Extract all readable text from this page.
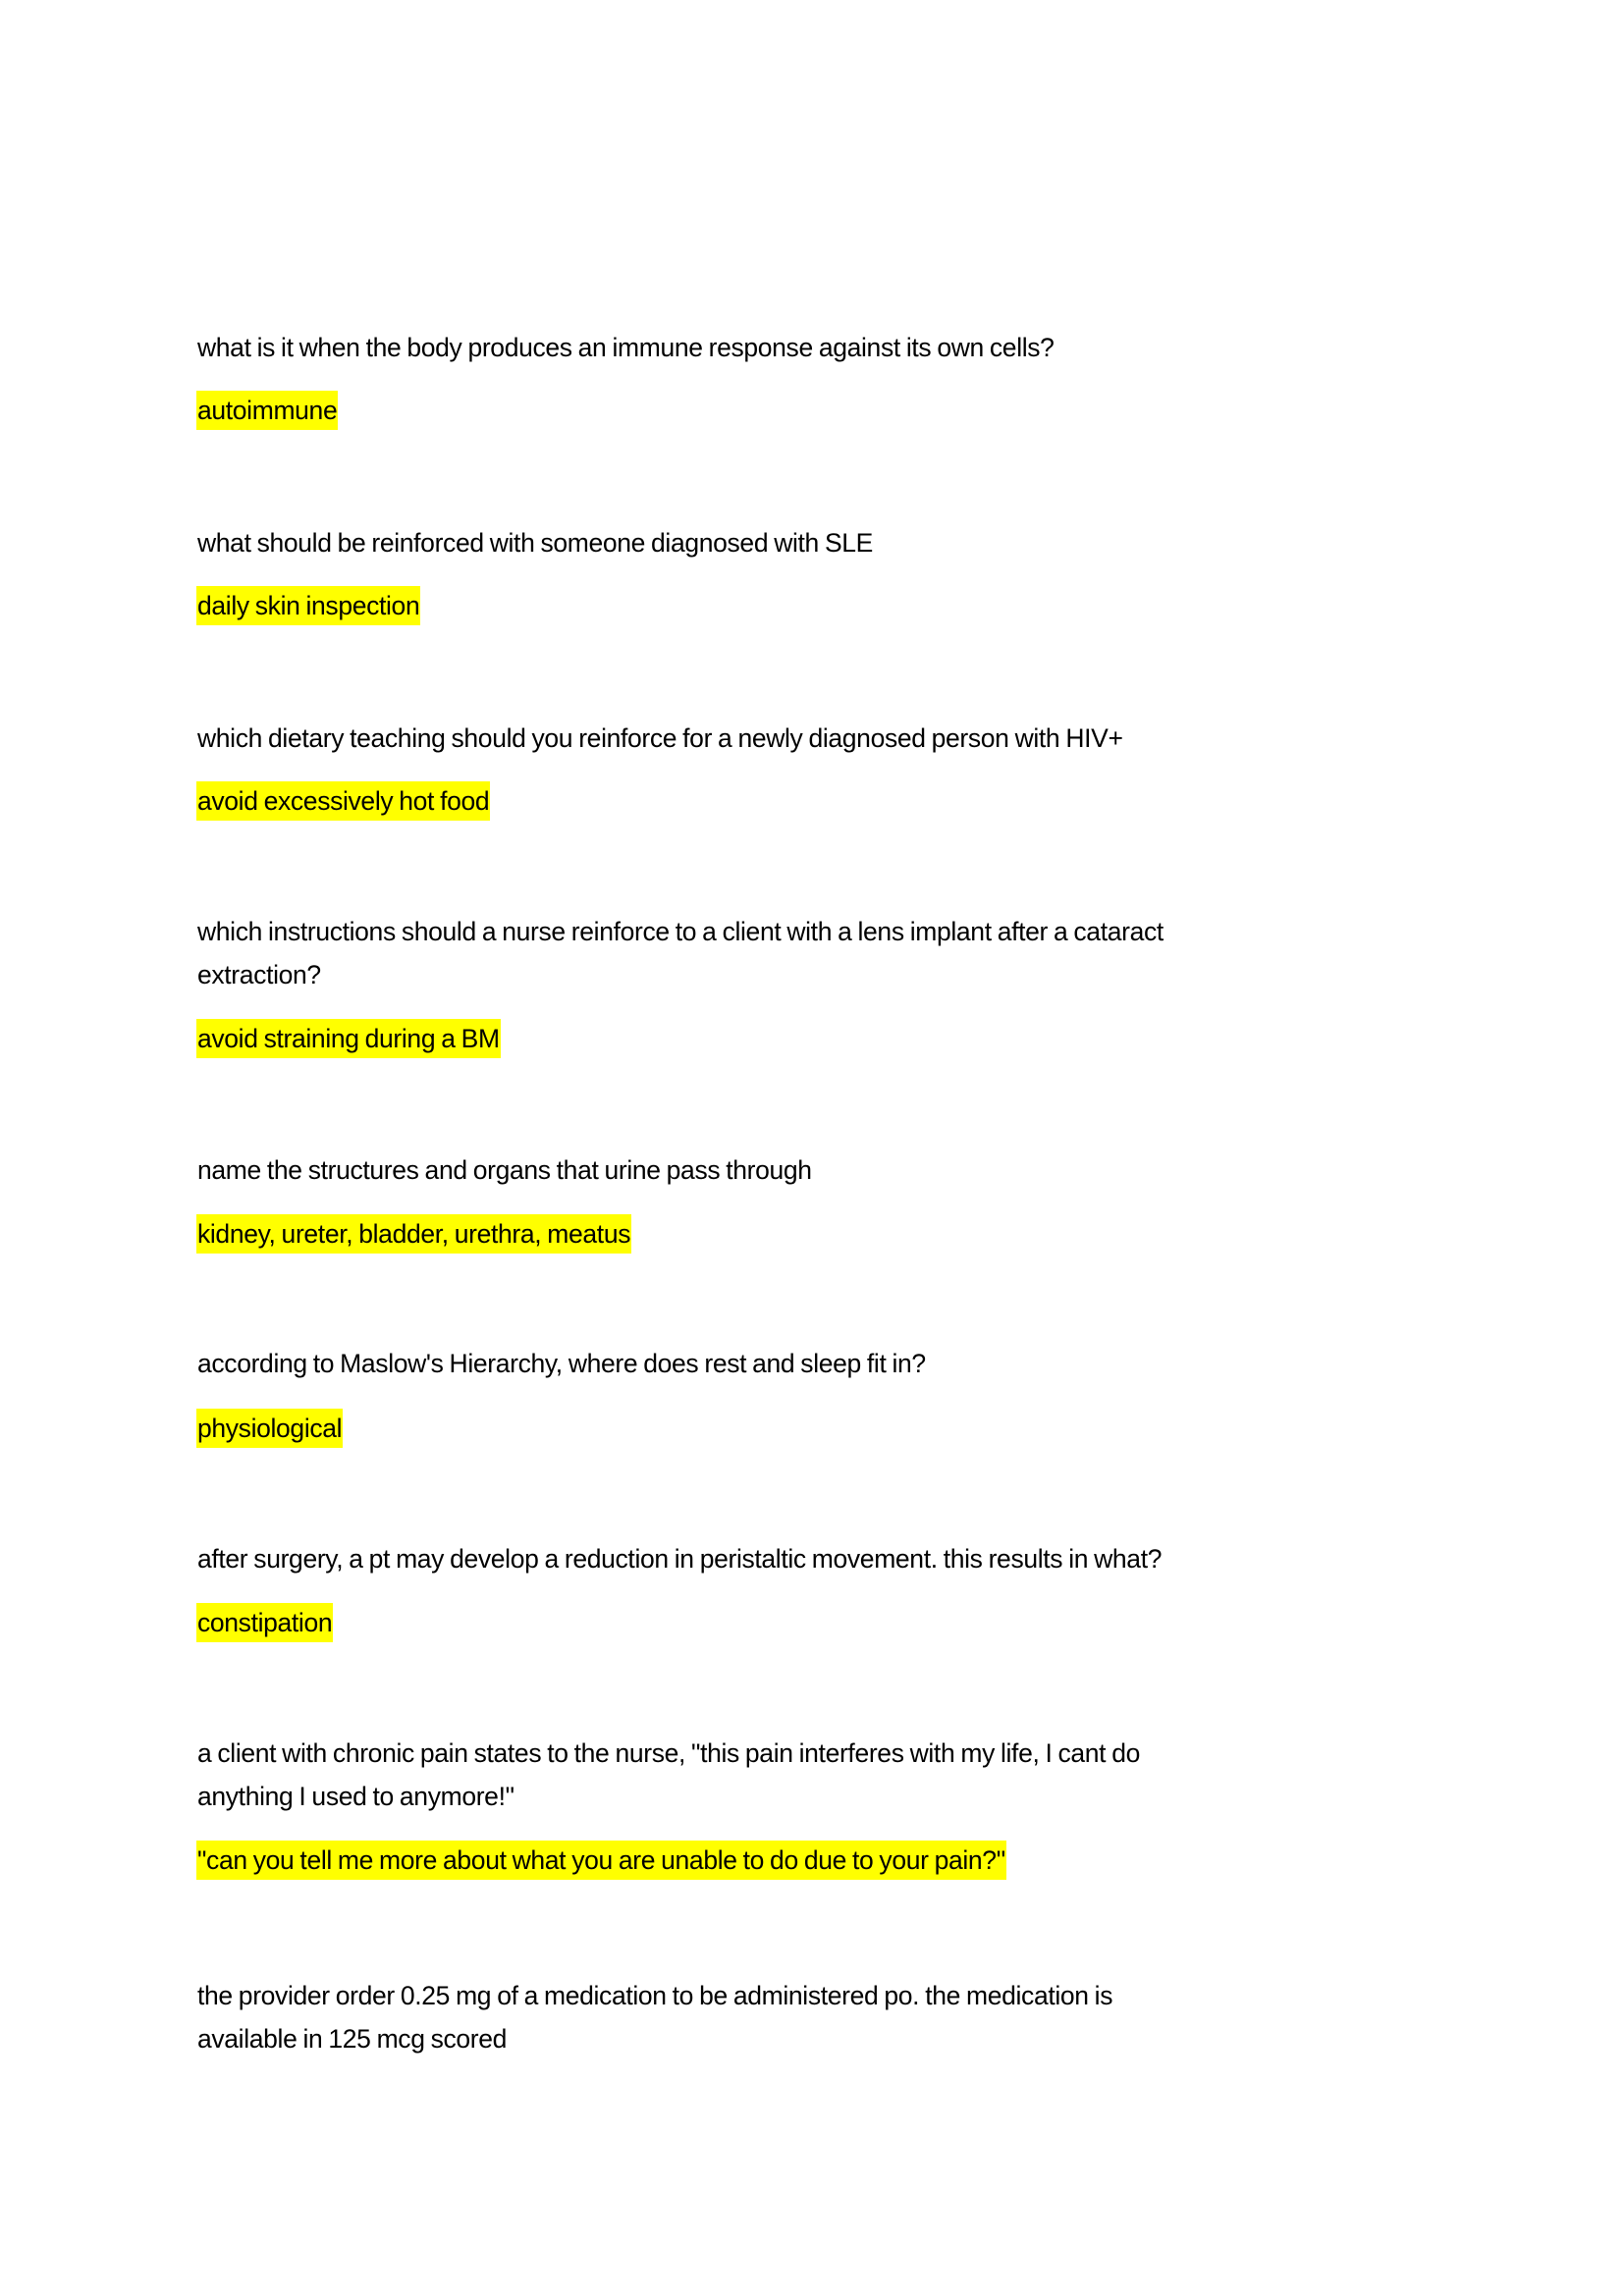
what is it when the body produces an immune response against its own cells?
autoimmune
what should be reinforced with someone diagnosed with SLE
daily skin inspection
which dietary teaching should you reinforce for a newly diagnosed person with HIV+
avoid excessively hot food
which instructions should a nurse reinforce to a client with a lens implant after a cataract
extraction?
avoid straining during a BM
name the structures and organs that urine pass through
kidney, ureter, bladder, urethra, meatus
according to Maslow's Hierarchy, where does rest and sleep fit in?
physiological
after surgery, a pt may develop a reduction in peristaltic movement. this results in what?
constipation
a client with chronic pain states to the nurse, "this pain interferes with my life, I cant do
anything I used to anymore!"
"can you tell me more about what you are unable to do due to your pain?"
the provider order 0.25 mg of a medication to be administered po. the medication is
available in 125 mcg scored
